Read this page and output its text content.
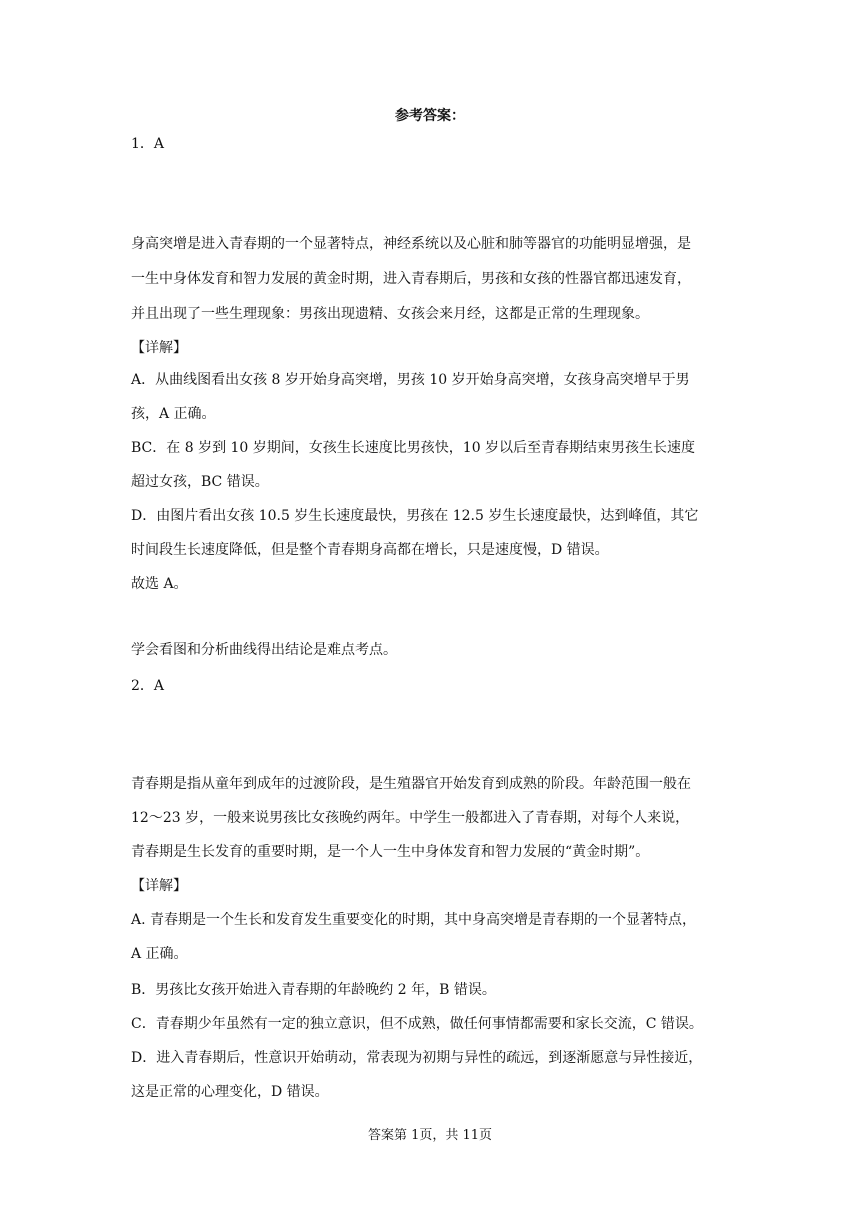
参考答案：
1．A
身高突增是进入青春期的一个显著特点，神经系统以及心脏和肺等器官的功能明显增强，是
一生中身体发育和智力发展的黄金时期，进入青春期后，男孩和女孩的性器官都迅速发育，
并且出现了一些生理现象：男孩出现遗精、女孩会来月经，这都是正常的生理现象。
【详解】
A．从曲线图看出女孩 8 岁开始身高突增，男孩 10 岁开始身高突增，女孩身高突增早于男
孩，A 正确。
BC．在 8 岁到 10 岁期间，女孩生长速度比男孩快，10 岁以后至青春期结束男孩生长速度
超过女孩，BC 错误。
D．由图片看出女孩 10.5 岁生长速度最快，男孩在 12.5 岁生长速度最快，达到峰值，其它
时间段生长速度降低，但是整个青春期身高都在增长，只是速度慢，D 错误。
故选 A。
学会看图和分析曲线得出结论是难点考点。
2．A
青春期是指从童年到成年的过渡阶段，是生殖器官开始发育到成熟的阶段。年龄范围一般在
12～23 岁，一般来说男孩比女孩晚约两年。中学生一般都进入了青春期，对每个人来说，
青春期是生长发育的重要时期，是一个人一生中身体发育和智力发展的“黄金时期”。
【详解】
A. 青春期是一个生长和发育发生重要变化的时期，其中身高突增是青春期的一个显著特点，
A 正确。
B．男孩比女孩开始进入青春期的年龄晚约 2 年，B 错误。
C．青春期少年虽然有一定的独立意识，但不成熟，做任何事情都需要和家长交流，C 错误。
D．进入青春期后，性意识开始萌动，常表现为初期与异性的疏远，到逐渐愿意与异性接近，
这是正常的心理变化，D 错误。
答案第 1页，共 11页
